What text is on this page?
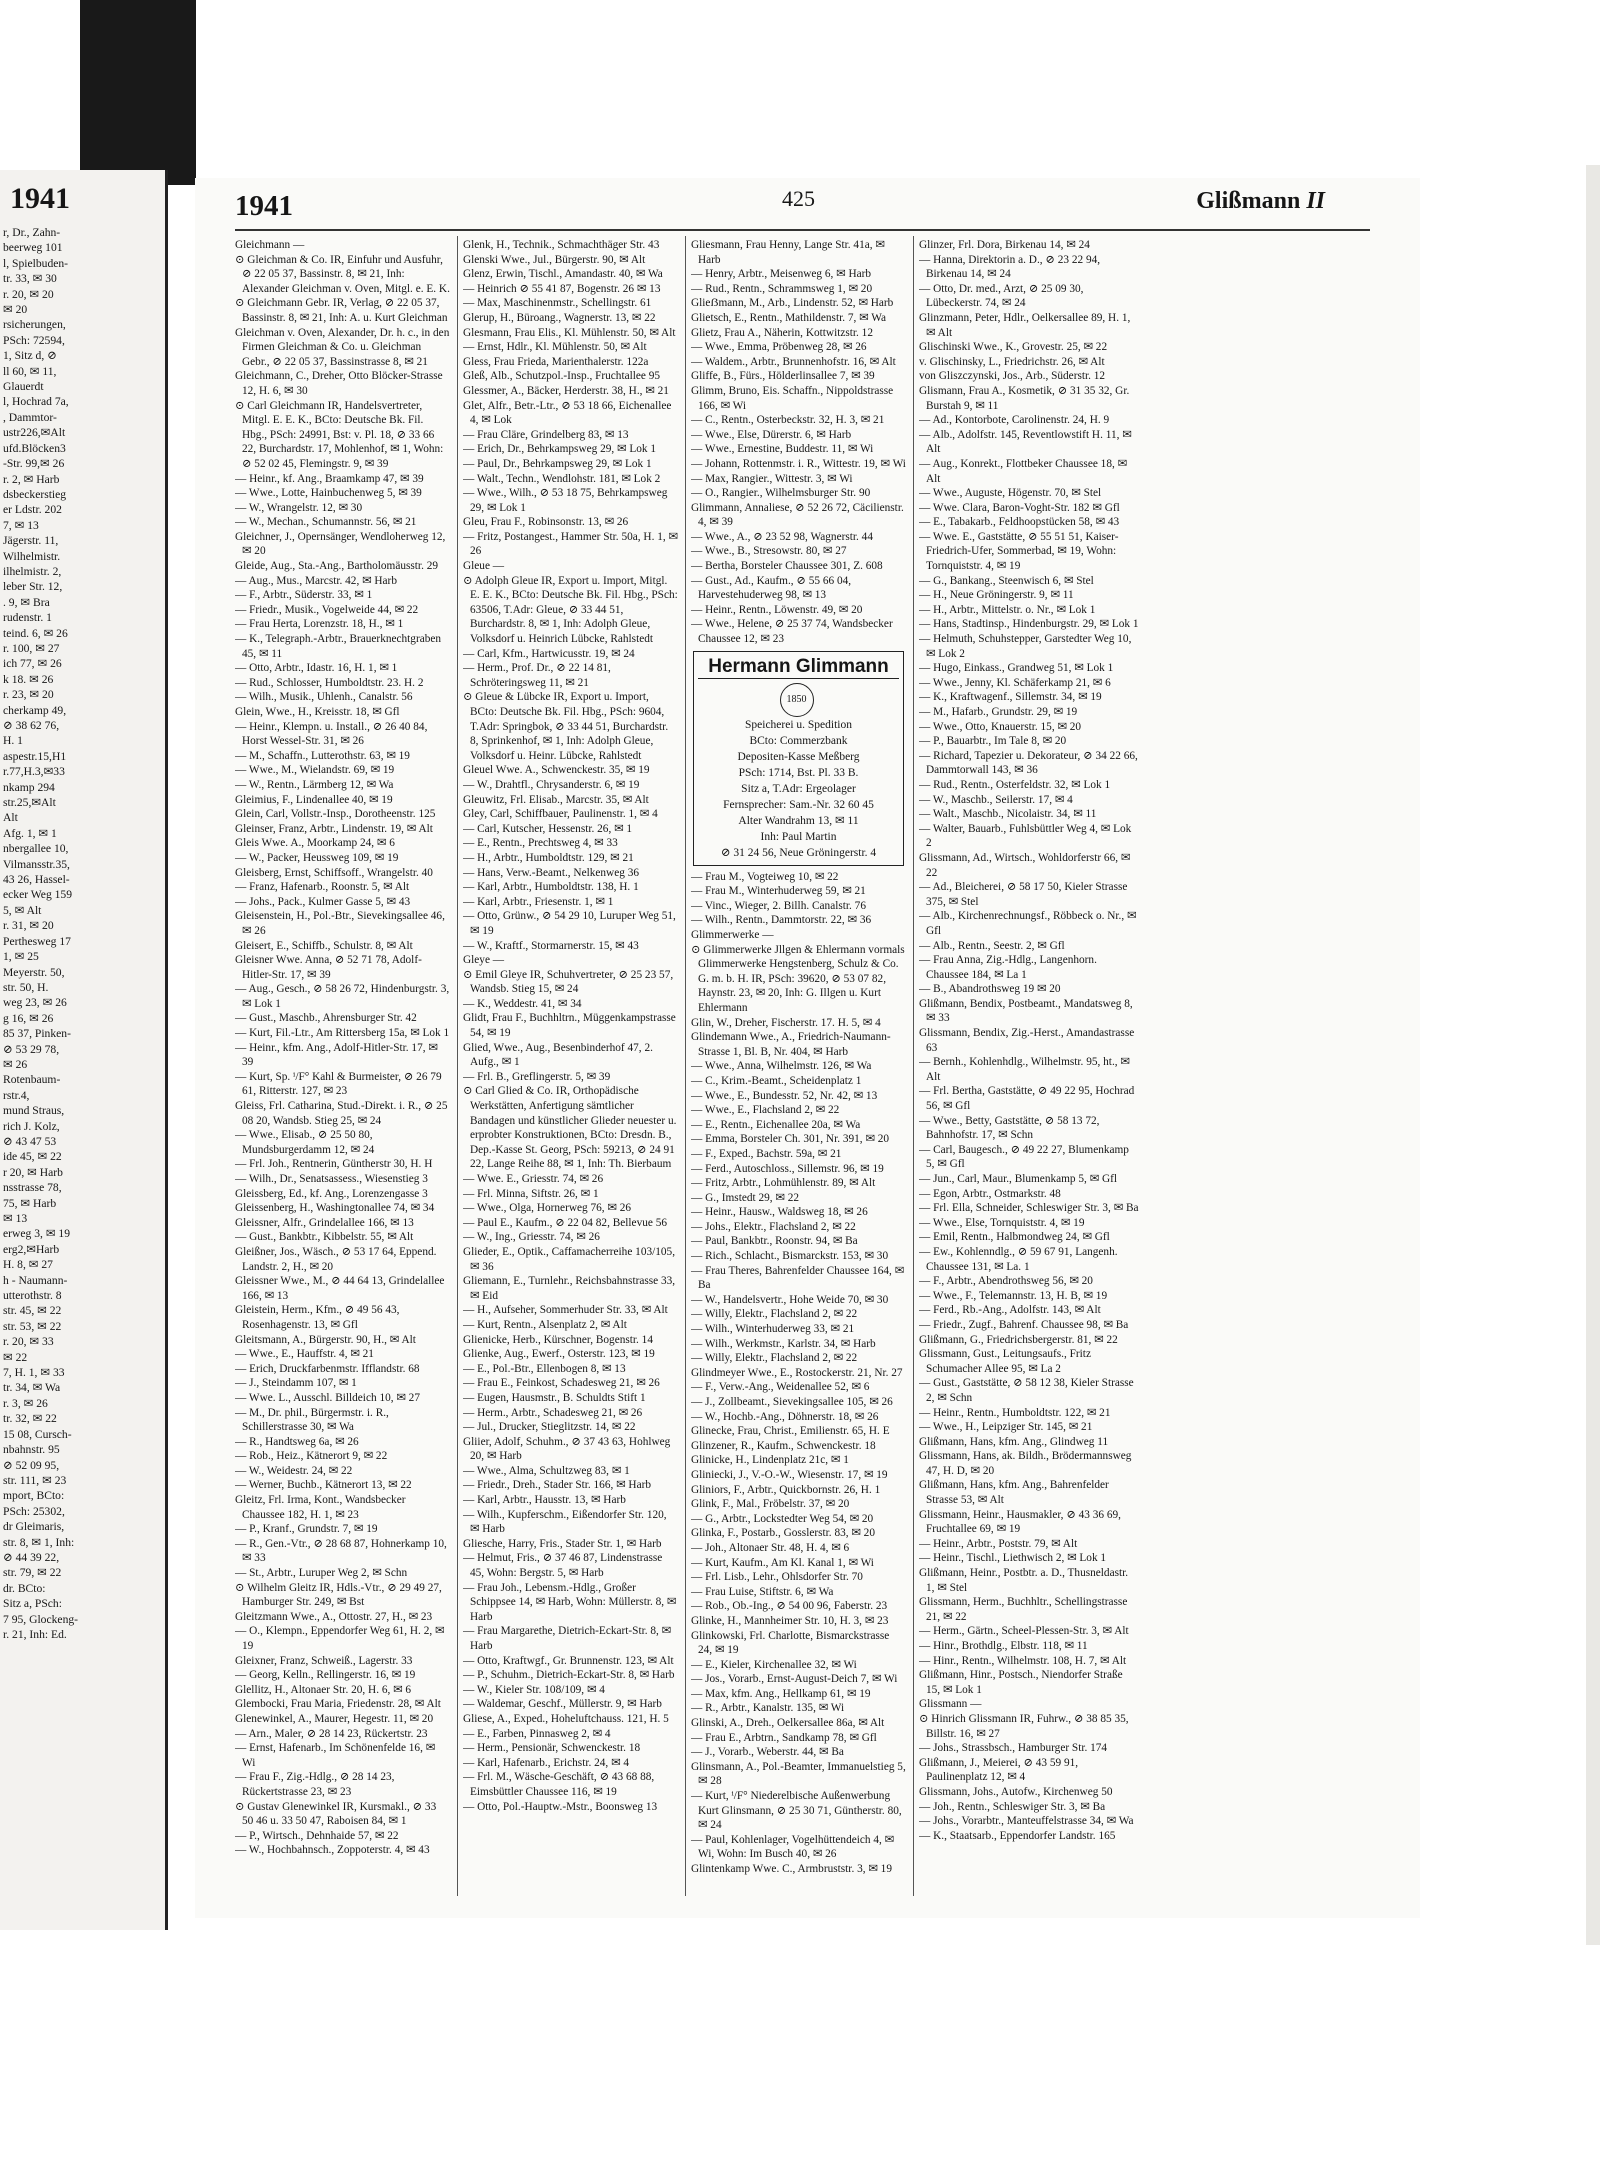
1941
r, Dr., Zahn-
beerweg 101
l, Spielbuden-
tr. 33, ✉ 30
r. 20, ✉ 20
✉ 20
rsicherungen,
PSch: 72594,
1, Sitz d, ⊘
ll 60, ✉ 11,
Glauerdt
l, Hochrad 7a,
, Dammtor-
ustr226,✉Alt
ufd.Blöcken3
-Str. 99,✉ 26
r. 2, ✉ Harb
dsbeckerstieg
er Ldstr. 202
7, ✉ 13
Jägerstr. 11,
Wilhelmistr.
ilhelmistr. 2,
leber Str. 12,
. 9, ✉ Bra
rudenstr. 1
teind. 6, ✉ 26
r. 100, ✉ 27
ich 77, ✉ 26
k 18. ✉ 26
r. 23, ✉ 20
cherkamp 49,
⊘ 38 62 76,
H. 1
aspestr.15,H1
r.77,H.3,✉33
nkamp 294
str.25,✉Alt
Alt
Afg. 1, ✉ 1
nbergallee 10,
Vilmansstr.35,
43 26, Hassel-
ecker Weg 159
5, ✉ Alt
r. 31, ✉ 20
Perthesweg 17
1, ✉ 25
Meyerstr. 50,
str. 50, H.
weg 23, ✉ 26
g 16, ✉ 26
85 37, Pinken-
⊘ 53 29 78,
✉ 26
Rotenbaum-
rstr.4,
mund Straus,
rich J. Kolz,
⊘ 43 47 53
ide 45, ✉ 22
r 20, ✉ Harb
nsstrasse 78,
75, ✉ Harb
✉ 13
erweg 3, ✉ 19
erg2,✉Harb
H. 8, ✉ 27
h - Naumann-
utterothstr. 8
str. 45, ✉ 22
str. 53, ✉ 22
r. 20, ✉ 33
✉ 22
7, H. 1, ✉ 33
tr. 34, ✉ Wa
r. 3, ✉ 26
tr. 32, ✉ 22
15 08, Cursch-
nbahnstr. 95
⊘ 52 09 95,
str. 111, ✉ 23
mport, BCto:
PSch: 25302,
dr Gleimaris,
str. 8, ✉ 1, Inh:
⊘ 44 39 22,
str. 79, ✉ 22
dr. BCto:
Sitz a, PSch:
7 95, Glockeng-
r. 21, Inh: Ed.
1941	425	Glißmann II
Gleichmann —
⊙ Gleichman & Co. IR, Einfuhr und Ausfuhr, ⊘ 22 05 37, Bassinstr. 8, ✉ 21, Inh: Alexander Gleichman v. Oven, Mitgl. e. E. K.
⊙ Gleichmann Gebr. IR, Verlag, ⊘ 22 05 37, Bassinstr. 8, ✉ 21, Inh: A. u. Kurt Gleichman
Gleichman v. Oven, Alexander, Dr. h. c., in den Firmen Gleichman & Co. u. Gleichman Gebr., ⊘ 22 05 37, Bassinstrasse 8, ✉ 21
Gleichmann, C., Dreher, Otto Blöcker-Strasse 12, H. 6, ✉ 30
⊙ Carl Gleichmann IR, Handelsvertreter, Mitgl. E. E. K., BCto: Deutsche Bk. Fil. Hbg., PSch: 24991, Bst: v. Pl. 18, ⊘ 33 66 22, Burchardstr. 17, Mohlenhof, ✉ 1, Wohn: ⊘ 52 02 45, Flemingstr. 9, ✉ 39
— Heinr., kf. Ang., Braamkamp 47, ✉ 39
— Wwe., Lotte, Hainbuchenweg 5, ✉ 39
— W., Wrangelstr. 12, ✉ 30
— W., Mechan., Schumannstr. 56, ✉ 21
Gleichner, J., Opernsänger, Wendloherweg 12, ✉ 20
Gleide, Aug., Sta.-Ang., Bartholomäusstr. 29
— Aug., Mus., Marcstr. 42, ✉ Harb
— F., Arbtr., Süderstr. 33, ✉ 1
— Friedr., Musik., Vogelweide 44, ✉ 22
— Frau Herta, Lorenzstr. 18, H., ✉ 1
— K., Telegraph.-Arbtr., Brauerknechtgraben 45, ✉ 11
— Otto, Arbtr., Idastr. 16, H. 1, ✉ 1
— Rud., Schlosser, Humboldtstr. 23. H. 2
— Wilh., Musik., Uhlenh., Canalstr. 56
Glein, Wwe., H., Kreisstr. 18, ✉ Gfl
— Heinr., Klempn. u. Install., ⊘ 26 40 84, Horst Wessel-Str. 31, ✉ 26
— M., Schaffn., Lutterothstr. 63, ✉ 19
— Wwe., M., Wielandstr. 69, ✉ 19
— W., Rentn., Lärmberg 12, ✉ Wa
Gleimius, F., Lindenallee 40, ✉ 19
Glein, Carl, Vollstr.-Insp., Dorotheenstr. 125
Gleinser, Franz, Arbtr., Lindenstr. 19, ✉ Alt
Gleis Wwe. A., Moorkamp 24, ✉ 6
— W., Packer, Heussweg 109, ✉ 19
Gleisberg, Ernst, Schiffsoff., Wrangelstr. 40
— Franz, Hafenarb., Roonstr. 5, ✉ Alt
— Johs., Pack., Kulmer Gasse 5, ✉ 43
Gleisenstein, H., Pol.-Btr., Sievekingsallee 46, ✉ 26
Gleisert, E., Schiffb., Schulstr. 8, ✉ Alt
Gleisner Wwe. Anna, ⊘ 52 71 78, Adolf-Hitler-Str. 17, ✉ 39
— Aug., Gesch., ⊘ 58 26 72, Hindenburgstr. 3, ✉ Lok 1
— Gust., Maschb., Ahrensburger Str. 42
— Kurt, Fil.-Ltr., Am Rittersberg 15a, ✉ Lok 1
— Heinr., kfm. Ang., Adolf-Hitler-Str. 17, ✉ 39
— Kurt, Sp. ⁱ/F° Kahl & Burmeister, ⊘ 26 79 61, Ritterstr. 127, ✉ 23
Gleiss, Frl. Catharina, Stud.-Direkt. i. R., ⊘ 25 08 20, Wandsb. Stieg 25, ✉ 24
— Wwe., Elisab., ⊘ 25 50 80, Mundsburgerdamm 12, ✉ 24
— Frl. Joh., Rentnerin, Güntherstr 30, H. H
— Wilh., Dr., Senatsassess., Wiesenstieg 3
Gleissberg, Ed., kf. Ang., Lorenzengasse 3
Gleissenberg, H., Washingtonallee 74, ✉ 34
Gleissner, Alfr., Grindelallee 166, ✉ 13
— Gust., Bankbtr., Kibbelstr. 55, ✉ Alt
Gleißner, Jos., Wäsch., ⊘ 53 17 64, Eppend. Landstr. 2, H., ✉ 20
Gleissner Wwe., M., ⊘ 44 64 13, Grindelallee 166, ✉ 13
Gleistein, Herm., Kfm., ⊘ 49 56 43, Rosenhagenstr. 13, ✉ Gfl
Gleitsmann, A., Bürgerstr. 90, H., ✉ Alt
— Wwe., E., Hauffstr. 4, ✉ 21
— Erich, Druckfarbenmstr. Ifflandstr. 68
— J., Steindamm 107, ✉ 1
— Wwe. L., Ausschl. Billdeich 10, ✉ 27
— M., Dr. phil., Bürgermstr. i. R., Schillerstrasse 30, ✉ Wa
— R., Handtsweg 6a, ✉ 26
— Rob., Heiz., Kätnerort 9, ✉ 22
— W., Weidestr. 24, ✉ 22
— Werner, Buchb., Kätnerort 13, ✉ 22
Gleitz, Frl. Irma, Kont., Wandsbecker Chaussee 182, H. 1, ✉ 23
— P., Kranf., Grundstr. 7, ✉ 19
— R., Gen.-Vtr., ⊘ 28 68 87, Hohnerkamp 10, ✉ 33
— St., Arbtr., Luruper Weg 2, ✉ Schn
⊙ Wilhelm Gleitz IR, Hdls.-Vtr., ⊘ 29 49 27, Hamburger Str. 249, ✉ Bst
Gleitzmann Wwe., A., Ottostr. 27, H., ✉ 23
— O., Klempn., Eppendorfer Weg 61, H. 2, ✉ 19
Gleixner, Franz, Schweiß., Lagerstr. 33
— Georg, Kelln., Rellingerstr. 16, ✉ 19
Glellitz, H., Altonaer Str. 20, H. 6, ✉ 6
Glembocki, Frau Maria, Friedenstr. 28, ✉ Alt
Glenewinkel, A., Maurer, Hegestr. 11, ✉ 20
— Arn., Maler, ⊘ 28 14 23, Rückertstr. 23
— Ernst, Hafenarb., Im Schönenfelde 16, ✉ Wi
— Frau F., Zig.-Hdlg., ⊘ 28 14 23, Rückertstrasse 23, ✉ 23
⊙ Gustav Glenewinkel IR, Kursmakl., ⊘ 33 50 46 u. 33 50 47, Raboisen 84, ✉ 1
— P., Wirtsch., Dehnhaide 57, ✉ 22
— W., Hochbahnsch., Zoppoterstr. 4, ✉ 43
Glenk, H., Technik., Schmachthäger Str. 43
Glenski Wwe., Jul., Bürgerstr. 90, ✉ Alt
Glenz, Erwin, Tischl., Amandastr. 40, ✉ Wa
— Heinrich ⊘ 55 41 87, Bogenstr. 26 ✉ 13
— Max, Maschinenmstr., Schellingstr. 61
Glerup, H., Büroang., Wagnerstr. 13, ✉ 22
Glesmann, Frau Elis., Kl. Mühlenstr. 50, ✉ Alt
— Ernst, Hdlr., Kl. Mühlenstr. 50, ✉ Alt
Gless, Frau Frieda, Marienthalerstr. 122a
Gleß, Alb., Schutzpol.-Insp., Fruchtallee 95
Glessmer, A., Bäcker, Herderstr. 38, H., ✉ 21
Glet, Alfr., Betr.-Ltr., ⊘ 53 18 66, Eichenallee 4, ✉ Lok
— Frau Cläre, Grindelberg 83, ✉ 13
— Erich, Dr., Behrkampsweg 29, ✉ Lok 1
— Paul, Dr., Behrkampsweg 29, ✉ Lok 1
— Walt., Techn., Wendlohstr. 181, ✉ Lok 2
— Wwe., Wilh., ⊘ 53 18 75, Behrkampsweg 29, ✉ Lok 1
Gleu, Frau F., Robinsonstr. 13, ✉ 26
— Fritz, Postangest., Hammer Str. 50a, H. 1, ✉ 26
Gleue —
⊙ Adolph Gleue IR, Export u. Import, Mitgl. E. E. K., BCto: Deutsche Bk. Fil. Hbg., PSch: 63506, T.Adr: Gleue, ⊘ 33 44 51, Burchardstr. 8, ✉ 1, Inh: Adolph Gleue, Volksdorf u. Heinrich Lübcke, Rahlstedt
— Carl, Kfm., Hartwicusstr. 19, ✉ 24
— Herm., Prof. Dr., ⊘ 22 14 81, Schröteringsweg 11, ✉ 21
⊙ Gleue & Lübcke IR, Export u. Import, BCto: Deutsche Bk. Fil. Hbg., PSch: 9604, T.Adr: Springbok, ⊘ 33 44 51, Burchardstr. 8, Sprinkenhof, ✉ 1, Inh: Adolph Gleue, Volksdorf u. Heinr. Lübcke, Rahlstedt
Gleuel Wwe. A., Schwenckestr. 35, ✉ 19
— W., Drahtfl., Chrysanderstr. 6, ✉ 19
Gleuwitz, Frl. Elisab., Marcstr. 35, ✉ Alt
Gley, Carl, Schiffbauer, Paulinenstr. 1, ✉ 4
— Carl, Kutscher, Hessenstr. 26, ✉ 1
— E., Rentn., Prechtsweg 4, ✉ 33
— H., Arbtr., Humboldtstr. 129, ✉ 21
— Hans, Verw.-Beamt., Nelkenweg 36
— Karl, Arbtr., Humboldtstr. 138, H. 1
— Karl, Arbtr., Friesenstr. 1, ✉ 1
— Otto, Grünw., ⊘ 54 29 10, Luruper Weg 51, ✉ 19
— W., Kraftf., Stormarnerstr. 15, ✉ 43
Gleye —
⊙ Emil Gleye IR, Schuhvertreter, ⊘ 25 23 57, Wandsb. Stieg 15, ✉ 24
— K., Weddestr. 41, ✉ 34
Glidt, Frau F., Buchhltrn., Müggenkampstrasse 54, ✉ 19
Glied, Wwe., Aug., Besenbinderhof 47, 2. Aufg., ✉ 1
— Frl. B., Greflingerstr. 5, ✉ 39
⊙ Carl Glied & Co. IR, Orthopädische Werkstätten, Anfertigung sämtlicher Bandagen und künstlicher Glieder neuester u. erprobter Konstruktionen, BCto: Dresdn. B., Dep.-Kasse St. Georg, PSch: 59213, ⊘ 24 91 22, Lange Reihe 88, ✉ 1, Inh: Th. Bierbaum
— Wwe. E., Griesstr. 74, ✉ 26
— Frl. Minna, Siftstr. 26, ✉ 1
— Wwe., Olga, Hornerweg 76, ✉ 26
— Paul E., Kaufm., ⊘ 22 04 82, Bellevue 56
— W., Ing., Griesstr. 74, ✉ 26
Glieder, E., Optik., Caffamacherreihe 103/105, ✉ 36
Gliemann, E., Turnlehr., Reichsbahnstrasse 33, ✉ Eid
— H., Aufseher, Sommerhuder Str. 33, ✉ Alt
— Kurt, Rentn., Alsenplatz 2, ✉ Alt
Glienicke, Herb., Kürschner, Bogenstr. 14
Glienke, Aug., Ewerf., Osterstr. 123, ✉ 19
— E., Pol.-Btr., Ellenbogen 8, ✉ 13
— Frau E., Feinkost, Schadesweg 21, ✉ 26
— Eugen, Hausmstr., B. Schuldts Stift 1
— Herm., Arbtr., Schadesweg 21, ✉ 26
— Jul., Drucker, Stieglitzstr. 14, ✉ 22
Gliier, Adolf, Schuhm., ⊘ 37 43 63, Hohlweg 20, ✉ Harb
— Wwe., Alma, Schultzweg 83, ✉ 1
— Friedr., Dreh., Stader Str. 166, ✉ Harb
— Karl, Arbtr., Hausstr. 13, ✉ Harb
— Wilh., Kupferschm., Eißendorfer Str. 120, ✉ Harb
Gliesche, Harry, Fris., Stader Str. 1, ✉ Harb
— Helmut, Fris., ⊘ 37 46 87, Lindenstrasse 45, Wohn: Bergstr. 5, ✉ Harb
— Frau Joh., Lebensm.-Hdlg., Großer Schippsee 14, ✉ Harb, Wohn: Müllerstr. 8, ✉ Harb
— Frau Margarethe, Dietrich-Eckart-Str. 8, ✉ Harb
— Otto, Kraftwgf., Gr. Brunnenstr. 123, ✉ Alt
— P., Schuhm., Dietrich-Eckart-Str. 8, ✉ Harb
— W., Kieler Str. 108/109, ✉ 4
— Waldemar, Geschf., Müllerstr. 9, ✉ Harb
Gliese, A., Exped., Hoheluftchauss. 121, H. 5
— E., Farben, Pinnasweg 2, ✉ 4
— Herm., Pensionär, Schwenckestr. 18
— Karl, Hafenarb., Erichstr. 24, ✉ 4
— Frl. M., Wäsche-Geschäft, ⊘ 43 68 88, Eimsbüttler Chaussee 116, ✉ 19
— Otto, Pol.-Hauptw.-Mstr., Boonsweg 13
Gliesmann, Frau Henny, Lange Str. 41a, ✉ Harb
— Henry, Arbtr., Meisenweg 6, ✉ Harb
— Rud., Rentn., Schrammsweg 1, ✉ 20
Glieẞmann, M., Arb., Lindenstr. 52, ✉ Harb
Glietsch, E., Rentn., Mathildenstr. 7, ✉ Wa
Glietz, Frau A., Näherin, Kottwitzstr. 12
— Wwe., Emma, Pröbenweg 28, ✉ 26
— Waldem., Arbtr., Brunnenhofstr. 16, ✉ Alt
Gliffe, B., Fürs., Hölderlinsallee 7, ✉ 39
Glimm, Bruno, Eis. Schaffn., Nippoldstrasse 166, ✉ Wi
— C., Rentn., Osterbeckstr. 32, H. 3, ✉ 21
— Wwe., Else, Dürerstr. 6, ✉ Harb
— Wwe., Ernestine, Buddestr. 11, ✉ Wi
— Johann, Rottenmstr. i. R., Wittestr. 19, ✉ Wi
— Max, Rangier., Wittestr. 3, ✉ Wi
— O., Rangier., Wilhelmsburger Str. 90
Glimmann, Annaliese, ⊘ 52 26 72, Cäcilienstr. 4, ✉ 39
— Wwe., A., ⊘ 23 52 98, Wagnerstr. 44
— Wwe., B., Stresowstr. 80, ✉ 27
— Bertha, Borsteler Chaussee 301, Z. 608
— Gust., Ad., Kaufm., ⊘ 55 66 04, Harvestehuderweg 98, ✉ 13
— Heinr., Rentn., Löwenstr. 49, ✉ 20
— Wwe., Helene, ⊘ 25 37 74, Wandsbecker Chaussee 12, ✉ 23
Hermann Glimmann
1850
Speicherei u. Spedition
BCto: Commerzbank
Depositen-Kasse Meßberg
PSch: 1714, Bst. Pl. 33 B.
Sitz a, T.Adr: Ergeolager
Fernsprecher: Sam.-Nr. 32 60 45
Alter Wandrahm 13, ✉ 11
Inh: Paul Martin
⊘ 31 24 56, Neue Gröningerstr. 4
— Frau M., Vogteiweg 10, ✉ 22
— Frau M., Winterhuderweg 59, ✉ 21
— Vinc., Wieger, 2. Billh. Canalstr. 76
— Wilh., Rentn., Dammtorstr. 22, ✉ 36
Glimmerwerke —
⊙ Glimmerwerke Jllgen & Ehlermann vormals Glimmerwerke Hengstenberg, Schulz & Co. G. m. b. H. IR, PSch: 39620, ⊘ 53 07 82, Haynstr. 23, ✉ 20, Inh: G. Illgen u. Kurt Ehlermann
Glin, W., Dreher, Fischerstr. 17. H. 5, ✉ 4
Glindemann Wwe., A., Friedrich-Naumann-Strasse 1, Bl. B, Nr. 404, ✉ Harb
— Wwe., Anna, Wilhelmstr. 126, ✉ Wa
— C., Krim.-Beamt., Scheidenplatz 1
— Wwe., E., Bundesstr. 52, Nr. 42, ✉ 13
— Wwe., E., Flachsland 2, ✉ 22
— E., Rentn., Eichenallee 20a, ✉ Wa
— Emma, Borsteler Ch. 301, Nr. 391, ✉ 20
— F., Exped., Bachstr. 59a, ✉ 21
— Ferd., Autoschloss., Sillemstr. 96, ✉ 19
— Fritz, Arbtr., Lohmühlenstr. 89, ✉ Alt
— G., Imstedt 29, ✉ 22
— Heinr., Hausw., Waldsweg 18, ✉ 26
— Johs., Elektr., Flachsland 2, ✉ 22
— Paul, Bankbtr., Roonstr. 94, ✉ Ba
— Rich., Schlacht., Bismarckstr. 153, ✉ 30
— Frau Theres, Bahrenfelder Chaussee 164, ✉ Ba
— W., Handelsvertr., Hohe Weide 70, ✉ 30
— Willy, Elektr., Flachsland 2, ✉ 22
— Wilh., Winterhuderweg 33, ✉ 21
— Wilh., Werkmstr., Karlstr. 34, ✉ Harb
— Willy, Elektr., Flachsland 2, ✉ 22
Glindmeyer Wwe., E., Rostockerstr. 21, Nr. 27
— F., Verw.-Ang., Weidenallee 52, ✉ 6
— J., Zollbeamt., Sievekingsallee 105, ✉ 26
— W., Hochb.-Ang., Döhnerstr. 18, ✉ 26
Glinecke, Frau, Christ., Emilienstr. 65, H. E
Glinzener, R., Kaufm., Schwenckestr. 18
Glinicke, H., Lindenplatz 21c, ✉ 1
Gliniecki, J., V.-O.-W., Wiesenstr. 17, ✉ 19
Gliniors, F., Arbtr., Quickbornstr. 26, H. 1
Glink, F., Mal., Fröbelstr. 37, ✉ 20
— G., Arbtr., Lockstedter Weg 54, ✉ 20
Glinka, F., Postarb., Gosslerstr. 83, ✉ 20
— Joh., Altonaer Str. 48, H. 4, ✉ 6
— Kurt, Kaufm., Am Kl. Kanal 1, ✉ Wi
— Frl. Lisb., Lehr., Ohlsdorfer Str. 70
— Frau Luise, Stiftstr. 6, ✉ Wa
— Rob., Ob.-Ing., ⊘ 54 00 96, Faberstr. 23
Glinke, H., Mannheimer Str. 10, H. 3, ✉ 23
Glinkowski, Frl. Charlotte, Bismarckstrasse 24, ✉ 19
— E., Kieler, Kirchenallee 32, ✉ Wi
— Jos., Vorarb., Ernst-August-Deich 7, ✉ Wi
— Max, kfm. Ang., Hellkamp 61, ✉ 19
— R., Arbtr., Kanalstr. 135, ✉ Wi
Glinski, A., Dreh., Oelkersallee 86a, ✉ Alt
— Frau E., Arbtrn., Sandkamp 78, ✉ Gfl
— J., Vorarb., Weberstr. 44, ✉ Ba
Glinsmann, A., Pol.-Beamter, Immanuelstieg 5, ✉ 28
— Kurt, ⁱ/F° Niederelbische Außenwerbung Kurt Glinsmann, ⊘ 25 30 71, Güntherstr. 80, ✉ 24
— Paul, Kohlenlager, Vogelhüttendeich 4, ✉ Wi, Wohn: Im Busch 40, ✉ 26
Glintenkamp Wwe. C., Armbruststr. 3, ✉ 19
Glinzer, Frl. Dora, Birkenau 14, ✉ 24
— Hanna, Direktorin a. D., ⊘ 23 22 94, Birkenau 14, ✉ 24
— Otto, Dr. med., Arzt, ⊘ 25 09 30, Lübeckerstr. 74, ✉ 24
Glinzmann, Peter, Hdlr., Oelkersallee 89, H. 1, ✉ Alt
Glischinski Wwe., K., Grovestr. 25, ✉ 22
v. Glischinsky, L., Friedrichstr. 26, ✉ Alt
von Gliszczynski, Jos., Arb., Süderstr. 12
Glismann, Frau A., Kosmetik, ⊘ 31 35 32, Gr. Burstah 9, ✉ 11
— Ad., Kontorbote, Carolinenstr. 24, H. 9
— Alb., Adolfstr. 145, Reventlowstift H. 11, ✉ Alt
— Aug., Konrekt., Flottbeker Chaussee 18, ✉ Alt
— Wwe., Auguste, Högenstr. 70, ✉ Stel
— Wwe. Clara, Baron-Voght-Str. 182 ✉ Gfl
— E., Tabakarb., Feldhoopstücken 58, ✉ 43
— Wwe. E., Gaststätte, ⊘ 55 51 51, Kaiser-Friedrich-Ufer, Sommerbad, ✉ 19, Wohn: Tornquiststr. 4, ✉ 19
— G., Bankang., Steenwisch 6, ✉ Stel
— H., Neue Gröningerstr. 9, ✉ 11
— H., Arbtr., Mittelstr. o. Nr., ✉ Lok 1
— Hans, Stadtinsp., Hindenburgstr. 29, ✉ Lok 1
— Helmuth, Schuhstepper, Garstedter Weg 10, ✉ Lok 2
— Hugo, Einkass., Grandweg 51, ✉ Lok 1
— Wwe., Jenny, Kl. Schäferkamp 21, ✉ 6
— K., Kraftwagenf., Sillemstr. 34, ✉ 19
— M., Hafarb., Grundstr. 29, ✉ 19
— Wwe., Otto, Knauerstr. 15, ✉ 20
— P., Bauarbtr., Im Tale 8, ✉ 20
— Richard, Tapezier u. Dekorateur, ⊘ 34 22 66, Dammtorwall 143, ✉ 36
— Rud., Rentn., Osterfeldstr. 32, ✉ Lok 1
— W., Maschb., Seilerstr. 17, ✉ 4
— Walt., Maschb., Nicolaistr. 34, ✉ 11
— Walter, Bauarb., Fuhlsbüttler Weg 4, ✉ Lok 2
Glissmann, Ad., Wirtsch., Wohldorferstr 66, ✉ 22
— Ad., Bleicherei, ⊘ 58 17 50, Kieler Strasse 375, ✉ Stel
— Alb., Kirchenrechnungsf., Röbbeck o. Nr., ✉ Gfl
— Alb., Rentn., Seestr. 2, ✉ Gfl
— Frau Anna, Zig.-Hdlg., Langenhorn. Chaussee 184, ✉ La 1
— B., Abandrothsweg 19 ✉ 20
Glißmann, Bendix, Postbeamt., Mandatsweg 8, ✉ 33
Glissmann, Bendix, Zig.-Herst., Amandastrasse 63
— Bernh., Kohlenhdlg., Wilhelmstr. 95, ht., ✉ Alt
— Frl. Bertha, Gaststätte, ⊘ 49 22 95, Hochrad 56, ✉ Gfl
— Wwe., Betty, Gaststätte, ⊘ 58 13 72, Bahnhofstr. 17, ✉ Schn
— Carl, Baugesch., ⊘ 49 22 27, Blumenkamp 5, ✉ Gfl
— Jun., Carl, Maur., Blumenkamp 5, ✉ Gfl
— Egon, Arbtr., Ostmarkstr. 48
— Frl. Ella, Schneider, Schleswiger Str. 3, ✉ Ba
— Wwe., Else, Tornquiststr. 4, ✉ 19
— Emil, Rentn., Halbmondweg 24, ✉ Gfl
— Ew., Kohlenndlg., ⊘ 59 67 91, Langenh. Chaussee 131, ✉ La. 1
— F., Arbtr., Abendrothsweg 56, ✉ 20
— Wwe., F., Telemannstr. 13, H. B, ✉ 19
— Ferd., Rb.-Ang., Adolfstr. 143, ✉ Alt
— Friedr., Zugf., Bahrenf. Chaussee 98, ✉ Ba
Glißmann, G., Friedrichsbergerstr. 81, ✉ 22
Glissmann, Gust., Leitungsaufs., Fritz Schumacher Allee 95, ✉ La 2
— Gust., Gaststätte, ⊘ 58 12 38, Kieler Strasse 2, ✉ Schn
— Heinr., Rentn., Humboldtstr. 122, ✉ 21
— Wwe., H., Leipziger Str. 145, ✉ 21
Glißmann, Hans, kfm. Ang., Glindweg 11
Glissmann, Hans, ak. Bildh., Brödermannsweg 47, H. D, ✉ 20
Glißmann, Hans, kfm. Ang., Bahrenfelder Strasse 53, ✉ Alt
Glissmann, Heinr., Hausmakler, ⊘ 43 36 69, Fruchtallee 69, ✉ 19
— Heinr., Arbtr., Poststr. 79, ✉ Alt
— Heinr., Tischl., Liethwisch 2, ✉ Lok 1
Glißmann, Heinr., Postbtr. a. D., Thusneldastr. 1, ✉ Stel
Glissmann, Herm., Buchhltr., Schellingstrasse 21, ✉ 22
— Herm., Gärtn., Scheel-Plessen-Str. 3, ✉ Alt
— Hinr., Brothdlg., Elbstr. 118, ✉ 11
— Hinr., Rentn., Wilhelmstr. 108, H. 7, ✉ Alt
Glißmann, Hinr., Postsch., Niendorfer Straße 15, ✉ Lok 1
Glissmann —
⊙ Hinrich Glissmann IR, Fuhrw., ⊘ 38 85 35, Billstr. 16, ✉ 27
— Johs., Strassbsch., Hamburger Str. 174
Glißmann, J., Meierei, ⊘ 43 59 91, Paulinenplatz 12, ✉ 4
Glissmann, Johs., Autofw., Kirchenweg 50
— Joh., Rentn., Schleswiger Str. 3, ✉ Ba
— Johs., Vorarbtr., Manteuffelstrasse 34, ✉ Wa
— K., Staatsarb., Eppendorfer Landstr. 165
